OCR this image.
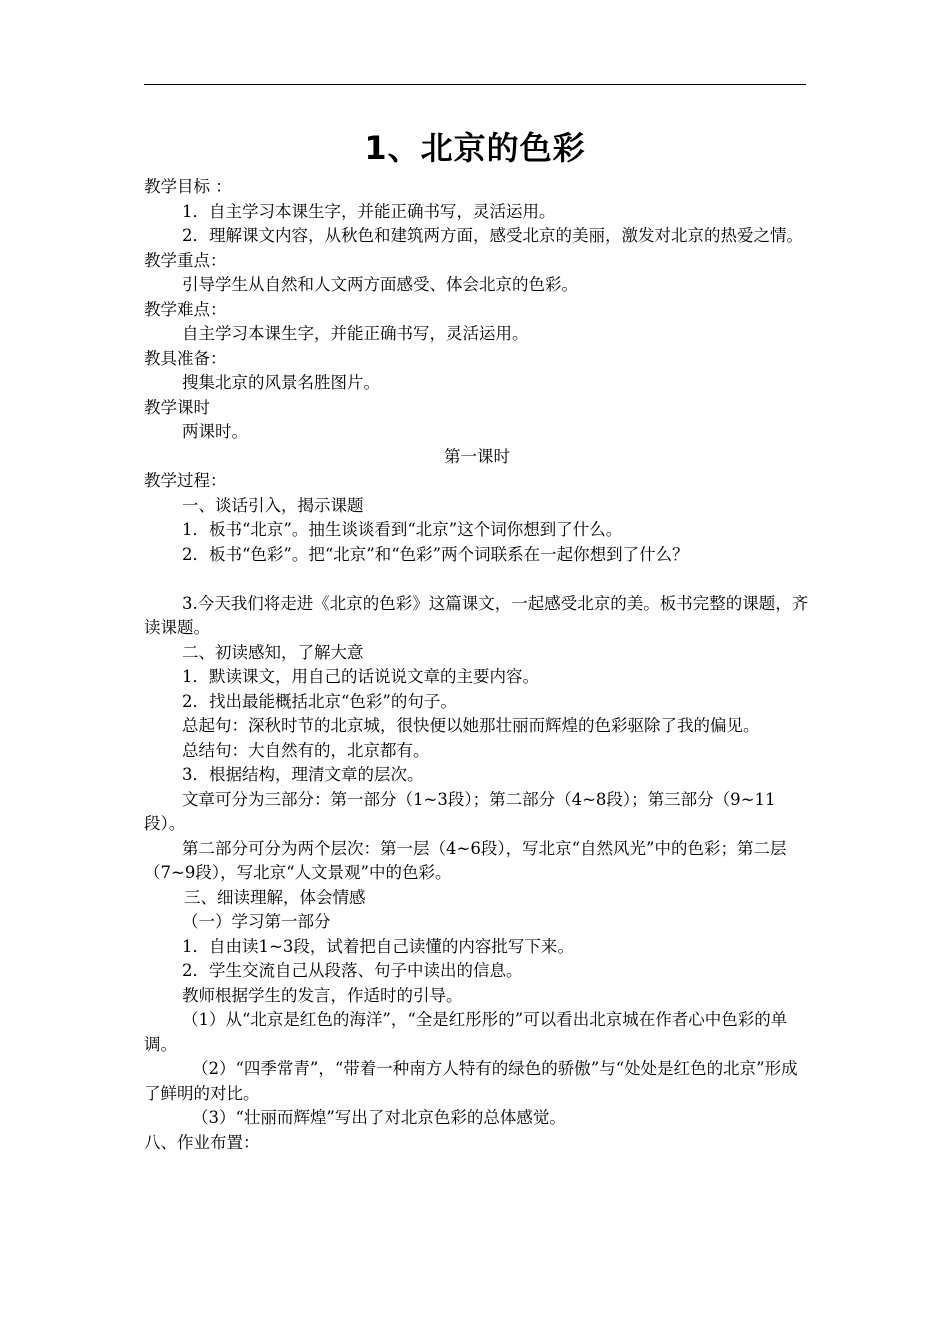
1、北京的色彩

教学目标 ：

1．自主学习本课生字，并能正确书写，灵活运用。

2．理解课文内容，从秋色和建筑两方面，感受北京的美丽，激发对北京的热爱之情。

教学重点：

引导学生从自然和人文两方面感受、体会北京的色彩。

教学难点：

自主学习本课生字，并能正确书写，灵活运用。

教具准备：

搜集北京的风景名胜图片。

教学课时

两课时。

第一课时

教学过程：

一、谈话引入，揭示课题

1．板书“北京”。抽生谈谈看到“北京”这个词你想到了什么。

2．板书“色彩”。把“北京”和“色彩”两个词联系在一起你想到了什么？

3.今天我们将走进《北京的色彩》这篇课文，一起感受北京的美。板书完整的课题，齐读课题。

二、初读感知，了解大意

1．默读课文，用自己的话说说文章的主要内容。

2．找出最能概括北京“色彩”的句子。

总起句：深秋时节的北京城，很快便以她那壮丽而辉煌的色彩驱除了我的偏见。

总结句：大自然有的，北京都有。

3．根据结构，理清文章的层次。

文章可分为三部分：第一部分（1~3段）；第二部分（4~8段）；第三部分（9~11段）。

第二部分可分为两个层次：第一层（4~6段），写北京“自然风光”中的色彩；第二层（7~9段），写北京“人文景观”中的色彩。

三、细读理解，体会情感

（一）学习第一部分

1．自由读1~3段，试着把自己读懂的内容批写下来。

2．学生交流自己从段落、句子中读出的信息。

教师根据学生的发言，作适时的引导。

（1）从“北京是红色的海洋”，“全是红彤彤的”可以看出北京城在作者心中色彩的单调。

（2）“四季常青”，“带着一种南方人特有的绿色的骄傲”与“处处是红色的北京”形成了鲜明的对比。

（3）“壮丽而辉煌”写出了对北京色彩的总体感觉。

八、作业布置：
